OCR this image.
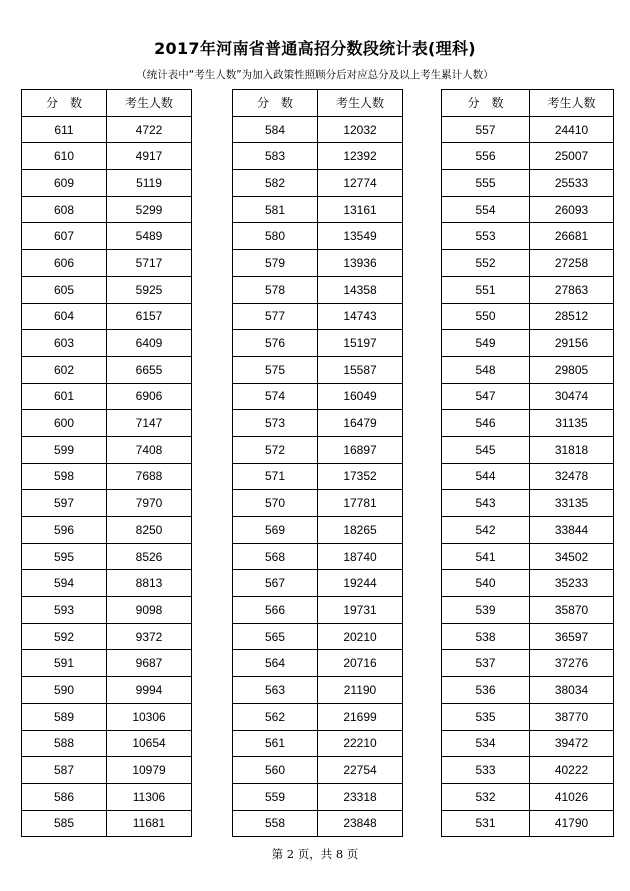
2017年河南省普通高招分数段统计表(理科)
（统计表中“考生人数”为加入政策性照顾分后对应总分及以上考生累计人数）
分　数	考生人数
611	4722
610	4917
609	5119
608	5299
607	5489
606	5717
605	5925
604	6157
603	6409
602	6655
601	6906
600	7147
599	7408
598	7688
597	7970
596	8250
595	8526
594	8813
593	9098
592	9372
591	9687
590	9994
589	10306
588	10654
587	10979
586	11306
585	11681
分　数	考生人数
584	12032
583	12392
582	12774
581	13161
580	13549
579	13936
578	14358
577	14743
576	15197
575	15587
574	16049
573	16479
572	16897
571	17352
570	17781
569	18265
568	18740
567	19244
566	19731
565	20210
564	20716
563	21190
562	21699
561	22210
560	22754
559	23318
558	23848
分　数	考生人数
557	24410
556	25007
555	25533
554	26093
553	26681
552	27258
551	27863
550	28512
549	29156
548	29805
547	30474
546	31135
545	31818
544	32478
543	33135
542	33844
541	34502
540	35233
539	35870
538	36597
537	37276
536	38034
535	38770
534	39472
533	40222
532	41026
531	41790
第 2 页，共 8 页
